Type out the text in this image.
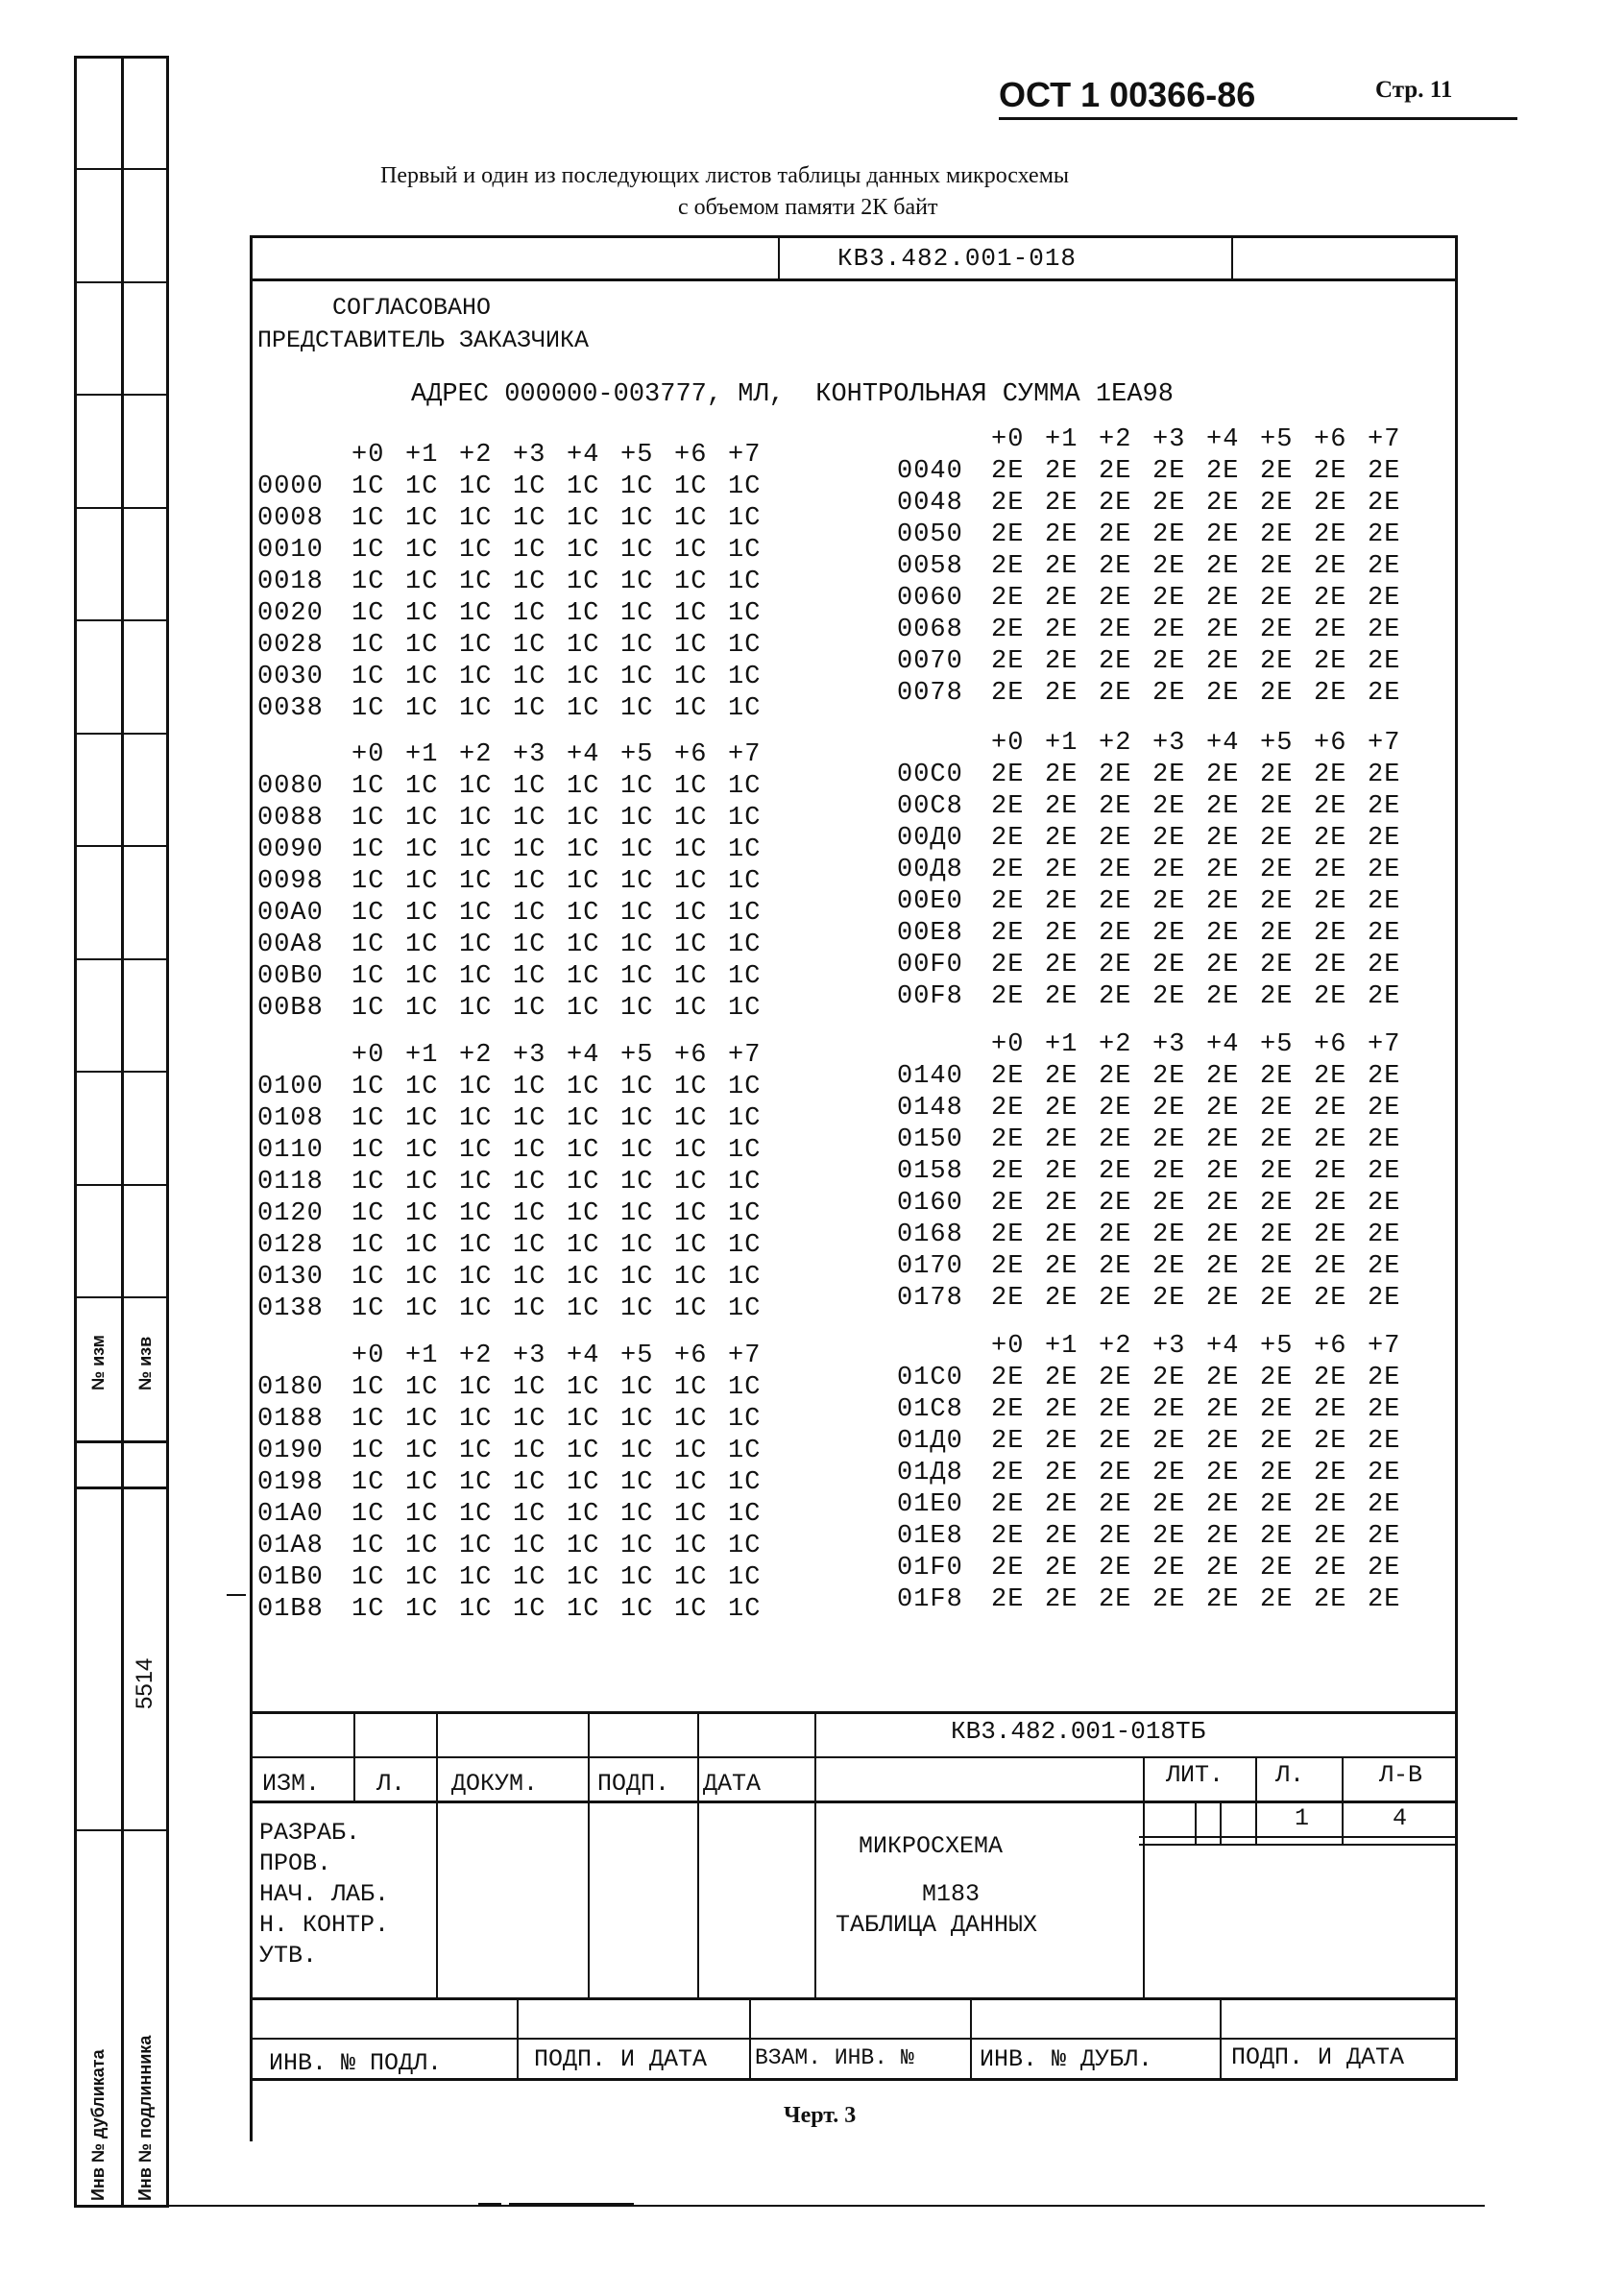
№ изм № изв
5514
Инв № дубликата Инв № подлинника
ОСТ 1 00366-86	Стр. 11
Первый и один из последующих листов таблицы данных микросхемы
с объемом памяти 2К байт
КВ3.482.001-018
СОГЛАСОВАНО
ПРЕДСТАВИТЕЛЬ ЗАКАЗЧИКА
АДРЕС 000000-003777, МЛ,  КОНТРОЛЬНАЯ СУММА 1ЕА98
+0 +1 +2 +3 +4 +5 +6 +7
0000 1C 1C 1C 1C 1C 1C 1C 1C
0008 1C 1C 1C 1C 1C 1C 1C 1C
0010 1C 1C 1C 1C 1C 1C 1C 1C
0018 1C 1C 1C 1C 1C 1C 1C 1C
0020 1C 1C 1C 1C 1C 1C 1C 1C
0028 1C 1C 1C 1C 1C 1C 1C 1C
0030 1C 1C 1C 1C 1C 1C 1C 1C
0038 1C 1C 1C 1C 1C 1C 1C 1C
+0 +1 +2 +3 +4 +5 +6 +7
0080 1C 1C 1C 1C 1C 1C 1C 1C
0088 1C 1C 1C 1C 1C 1C 1C 1C
0090 1C 1C 1C 1C 1C 1C 1C 1C
0098 1C 1C 1C 1C 1C 1C 1C 1C
00A0 1C 1C 1C 1C 1C 1C 1C 1C
00A8 1C 1C 1C 1C 1C 1C 1C 1C
00B0 1C 1C 1C 1C 1C 1C 1C 1C
00B8 1C 1C 1C 1C 1C 1C 1C 1C
+0 +1 +2 +3 +4 +5 +6 +7
0100 1C 1C 1C 1C 1C 1C 1C 1C
0108 1C 1C 1C 1C 1C 1C 1C 1C
0110 1C 1C 1C 1C 1C 1C 1C 1C
0118 1C 1C 1C 1C 1C 1C 1C 1C
0120 1C 1C 1C 1C 1C 1C 1C 1C
0128 1C 1C 1C 1C 1C 1C 1C 1C
0130 1C 1C 1C 1C 1C 1C 1C 1C
0138 1C 1C 1C 1C 1C 1C 1C 1C
+0 +1 +2 +3 +4 +5 +6 +7
0180 1C 1C 1C 1C 1C 1C 1C 1C
0188 1C 1C 1C 1C 1C 1C 1C 1C
0190 1C 1C 1C 1C 1C 1C 1C 1C
0198 1C 1C 1C 1C 1C 1C 1C 1C
01A0 1C 1C 1C 1C 1C 1C 1C 1C
01A8 1C 1C 1C 1C 1C 1C 1C 1C
01B0 1C 1C 1C 1C 1C 1C 1C 1C
01B8 1C 1C 1C 1C 1C 1C 1C 1C
+0 +1 +2 +3 +4 +5 +6 +7
0040 2E 2E 2E 2E 2E 2E 2E 2E
0048 2E 2E 2E 2E 2E 2E 2E 2E
0050 2E 2E 2E 2E 2E 2E 2E 2E
0058 2E 2E 2E 2E 2E 2E 2E 2E
0060 2E 2E 2E 2E 2E 2E 2E 2E
0068 2E 2E 2E 2E 2E 2E 2E 2E
0070 2E 2E 2E 2E 2E 2E 2E 2E
0078 2E 2E 2E 2E 2E 2E 2E 2E
+0 +1 +2 +3 +4 +5 +6 +7
00C0 2E 2E 2E 2E 2E 2E 2E 2E
00C8 2E 2E 2E 2E 2E 2E 2E 2E
00Д0 2E 2E 2E 2E 2E 2E 2E 2E
00Д8 2E 2E 2E 2E 2E 2E 2E 2E
00E0 2E 2E 2E 2E 2E 2E 2E 2E
00E8 2E 2E 2E 2E 2E 2E 2E 2E
00F0 2E 2E 2E 2E 2E 2E 2E 2E
00F8 2E 2E 2E 2E 2E 2E 2E 2E
+0 +1 +2 +3 +4 +5 +6 +7
0140 2E 2E 2E 2E 2E 2E 2E 2E
0148 2E 2E 2E 2E 2E 2E 2E 2E
0150 2E 2E 2E 2E 2E 2E 2E 2E
0158 2E 2E 2E 2E 2E 2E 2E 2E
0160 2E 2E 2E 2E 2E 2E 2E 2E
0168 2E 2E 2E 2E 2E 2E 2E 2E
0170 2E 2E 2E 2E 2E 2E 2E 2E
0178 2E 2E 2E 2E 2E 2E 2E 2E
+0 +1 +2 +3 +4 +5 +6 +7
01C0 2E 2E 2E 2E 2E 2E 2E 2E
01C8 2E 2E 2E 2E 2E 2E 2E 2E
01Д0 2E 2E 2E 2E 2E 2E 2E 2E
01Д8 2E 2E 2E 2E 2E 2E 2E 2E
01E0 2E 2E 2E 2E 2E 2E 2E 2E
01E8 2E 2E 2E 2E 2E 2E 2E 2E
01F0 2E 2E 2E 2E 2E 2E 2E 2E
01F8 2E 2E 2E 2E 2E 2E 2E 2E
КВ3.482.001-018ТБ
ИЗМ. Л. ДОКУМ. ПОДП. ДАТА	ЛИТ. Л.	Л-В
1	4
РАЗРАБ.
ПРОВ.
НАЧ. ЛАБ.
Н. КОНТР.
УТВ.
МИКРОСХЕМА
М183
ТАБЛИЦА ДАННЫХ
ИНВ. № ПОДЛ.	ПОДП. И ДАТА ВЗАМ. ИНВ. №	ИНВ. № ДУБЛ.	ПОДП. И ДАТА
Черт. 3
